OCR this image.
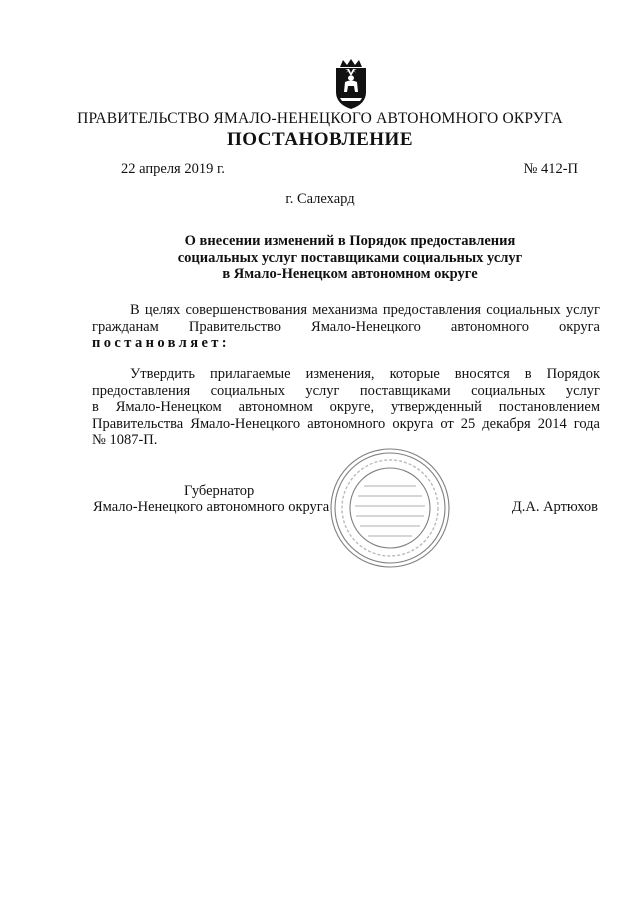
ПРАВИТЕЛЬСТВО ЯМАЛО-НЕНЕЦКОГО АВТОНОМНОГО ОКРУГА
ПОСТАНОВЛЕНИЕ
22 апреля 2019 г.	№ 412-П
г. Салехард
О внесении изменений в Порядок предоставления
социальных услуг поставщиками социальных услуг
в Ямало-Ненецком автономном округе
В целях совершенствования механизма предоставления социальных услуг
гражданам Правительство Ямало-Ненецкого автономного округа
постановляет:
Утвердить прилагаемые изменения, которые вносятся в Порядок
предоставления социальных услуг поставщиками социальных услуг
в Ямало-Ненецком автономном округе, утвержденный постановлением
Правительства Ямало-Ненецкого автономного округа от 25 декабря 2014 года
№ 1087-П.
Губернатор
Ямало-Ненецкого автономного округа	Д.А. Артюхов
